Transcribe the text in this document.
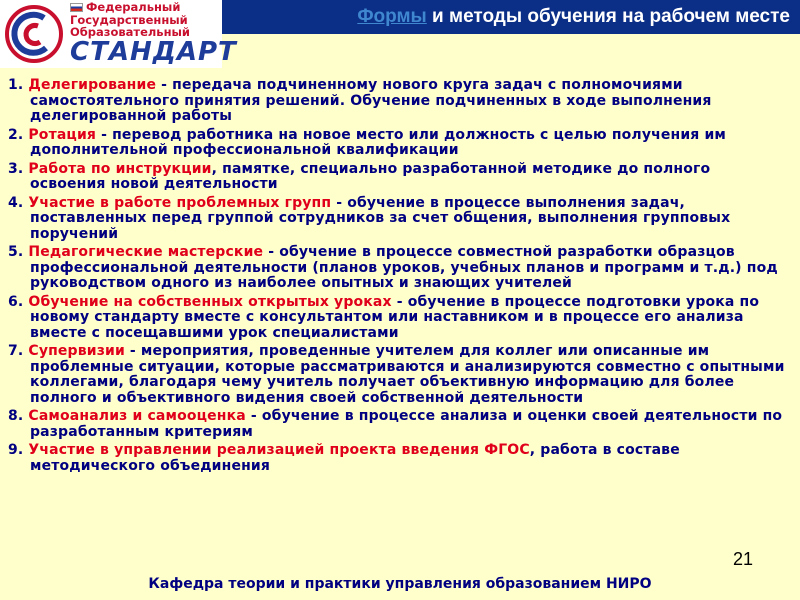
Федеральный
Государственный
Образовательный
СТАНДАРТ
Формы и методы обучения на рабочем месте
1. Делегирование - передача подчиненному нового круга задач с полномочиями самостоятельного принятия решений. Обучение подчиненных в ходе выполнения делегированной работы
2. Ротация - перевод работника на новое место или должность с целью получения им дополнительной профессиональной квалификации
3. Работа по инструкции, памятке, специально разработанной методике до полного освоения новой деятельности
4. Участие в работе проблемных групп - обучение в процессе выполнения задач, поставленных перед группой сотрудников за счет общения, выполнения групповых поручений
5. Педагогические мастерские - обучение в процессе совместной разработки образцов профессиональной деятельности (планов уроков, учебных планов и программ и т.д.) под руководством одного из наиболее опытных и знающих учителей
6. Обучение на собственных открытых уроках - обучение в процессе подготовки урока по новому стандарту вместе с консультантом или наставником и в процессе его анализа вместе с посещавшими урок специалистами
7. Супервизии - мероприятия, проведенные учителем для коллег или описанные им проблемные ситуации, которые рассматриваются и анализируются совместно с опытными коллегами, благодаря чему учитель получает объективную информацию для более полного и объективного видения своей собственной деятельности
8. Самоанализ и самооценка - обучение в процессе анализа и оценки своей деятельности по разработанным критериям
9. Участие в управлении реализацией проекта введения ФГОС, работа в составе методического объединения
21
Кафедра теории и практики управления образованием НИРО
